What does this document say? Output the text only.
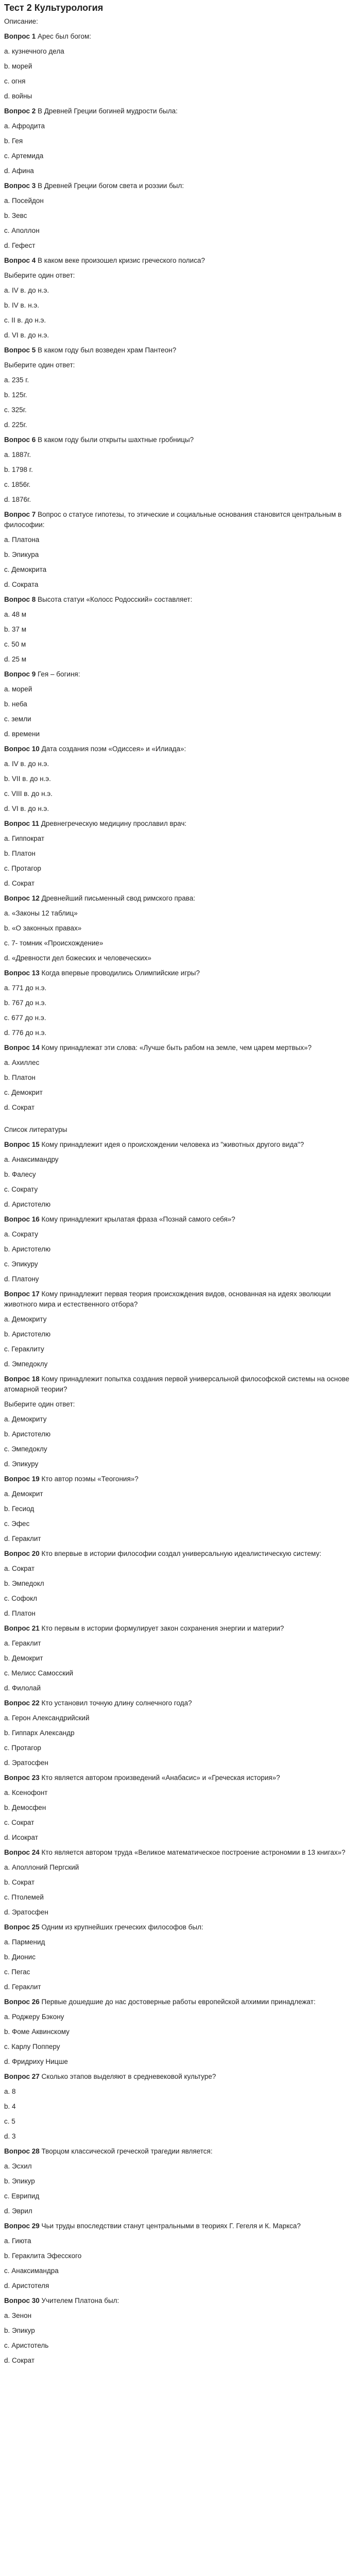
Тест 2 Культурология
Описание:
Вопрос 1 Арес был богом:
a. кузнечного дела
b. морей
c. огня
d. войны
Вопрос 2 В Древней Греции богиней мудрости была:
a. Афродита
b. Гея
c. Артемида
d. Афина
Вопрос 3 В Древней Греции богом света и poэзии был:
a. Посейдон
b. Зевс
c. Аполлон
d. Гефест
Вопрос 4 В каком веке произошел кризис греческого полиса?
Выберите один ответ:
a. IV в. до н.э.
b. IV в. н.э.
c. II в. до н.э.
d. VI в. до н.э.
Вопрос 5 В каком году был возведен храм Пантеон?
Выберите один ответ:
a. 235 г.
b. 125г.
c. 325г.
d. 225г.
Вопрос 6 В каком году были открыты шахтные гробницы?
a. 1887г.
b. 1798 г.
c. 1856г.
d. 1876г.
Вопрос 7 Вопрос о статусе гипотезы, то этические и социальные основания становится центральным в философии:
a. Платона
b. Эпикура
c. Демокрита
d. Сократа
Вопрос 8 Высота статуи «Колосс Родосский» составляет:
a. 48 м
b. 37 м
c. 50 м
d. 25 м
Вопрос 9 Гея – богиня:
a. морей
b. неба
c. земли
d. времени
Вопрос 10 Дата создания поэм «Одиссея» и «Илиада»:
a. IV в. до н.э.
b. VII в. до н.э.
c. VIII в. до н.э.
d. VI в. до н.э.
Вопрос 11 Древнегреческую медицину прославил врач:
a. Гиппократ
b. Платон
c. Протагор
d. Сократ
Вопрос 12 Древнейший письменный свод римского права:
a. «Законы 12 таблиц»
b. «О законных правах»
c. 7- томник «Происхождение»
d. «Древности дел божеских и человеческих»
Вопрос 13 Когда впервые проводились Олимпийские игры?
a. 771 до н.э.
b. 767 до н.э.
c. 677 до н.э.
d. 776 до н.э.
Вопрос 14 Кому принадлежат эти слова: «Лучше быть рабом на земле, чем царем мертвых»?
a. Ахиллес
b. Платон
c. Демокрит
d. Сократ
Список литературы
Вопрос 15 Кому принадлежит идея о происхождении человека из "животных другого вида"?
a. Анаксимандру
b. Фалесу
c. Сократу
d. Аристотелю
Вопрос 16 Кому принадлежит крылатая фраза «Познай самого себя»?
a. Сократу
b. Аристотелю
c. Эпикуру
d. Платону
Вопрос 17 Кому принадлежит первая теория происхождения видов, основанная на идеях эволюции животного мира и естественного отбора?
a. Демокриту
b. Аристотелю
c. Гераклиту
d. Эмпедоклу
Вопрос 18 Кому принадлежит попытка создания первой универсальной философской системы на основе атомарной теории?
Выберите один ответ:
a. Демокриту
b. Аристотелю
c. Эмпедоклу
d. Эпикуру
Вопрос 19 Кто автор поэмы «Теогония»?
a. Демокрит
b. Гесиод
c. Эфес
d. Гераклит
Вопрос 20 Кто впервые в истории философии создал универсальную идеалистическую систему:
a. Сократ
b. Эмпедокл
c. Софокл
d. Платон
Вопрос 21 Кто первым в истории формулирует закон сохранения энергии и материи?
a. Гераклит
b. Демокрит
c. Мелисс Самосский
d. Филолай
Вопрос 22 Кто установил точную длину солнечного года?
a. Герон Александрийский
b. Гиппарх Александр
c. Протагор
d. Эратосфен
Вопрос 23 Кто является автором произведений «Анабасис» и «Греческая история»?
a. Ксенофонт
b. Демосфен
c. Сократ
d. Исократ
Вопрос 24 Кто является автором труда «Великое математическое построение астрономии в 13 книгах»?
a. Аполлоний Пергский
b. Сократ
c. Птолемей
d. Эратосфен
Вопрос 25 Одним из крупнейших греческих философов был:
a. Парменид
b. Дионис
c. Пегас
d. Гераклит
Вопрос 26 Первые дошедшие до нас достоверные работы европейской алхимии принадлежат:
a. Роджеру Бэкону
b. Фоме Аквинскому
c. Карлу Попперу
d. Фридриху Ницше
Вопрос 27 Сколько этапов выделяют в средневековой культуре?
a. 8
b. 4
c. 5
d. 3
Вопрос 28 Творцом классической греческой трагедии является:
a. Эсхил
b. Эпикур
c. Еврипид
d. Эврил
Вопрос 29 Чьи труды впоследствии станут центральными в теориях Г. Гегеля и К. Маркса?
a. Гиюта
b. Гераклита Эфесского
c. Анаксимандра
d. Аристотеля
Вопрос 30 Учителем Платона был:
a. Зенон
b. Эпикур
c. Аристотель
d. Сократ
